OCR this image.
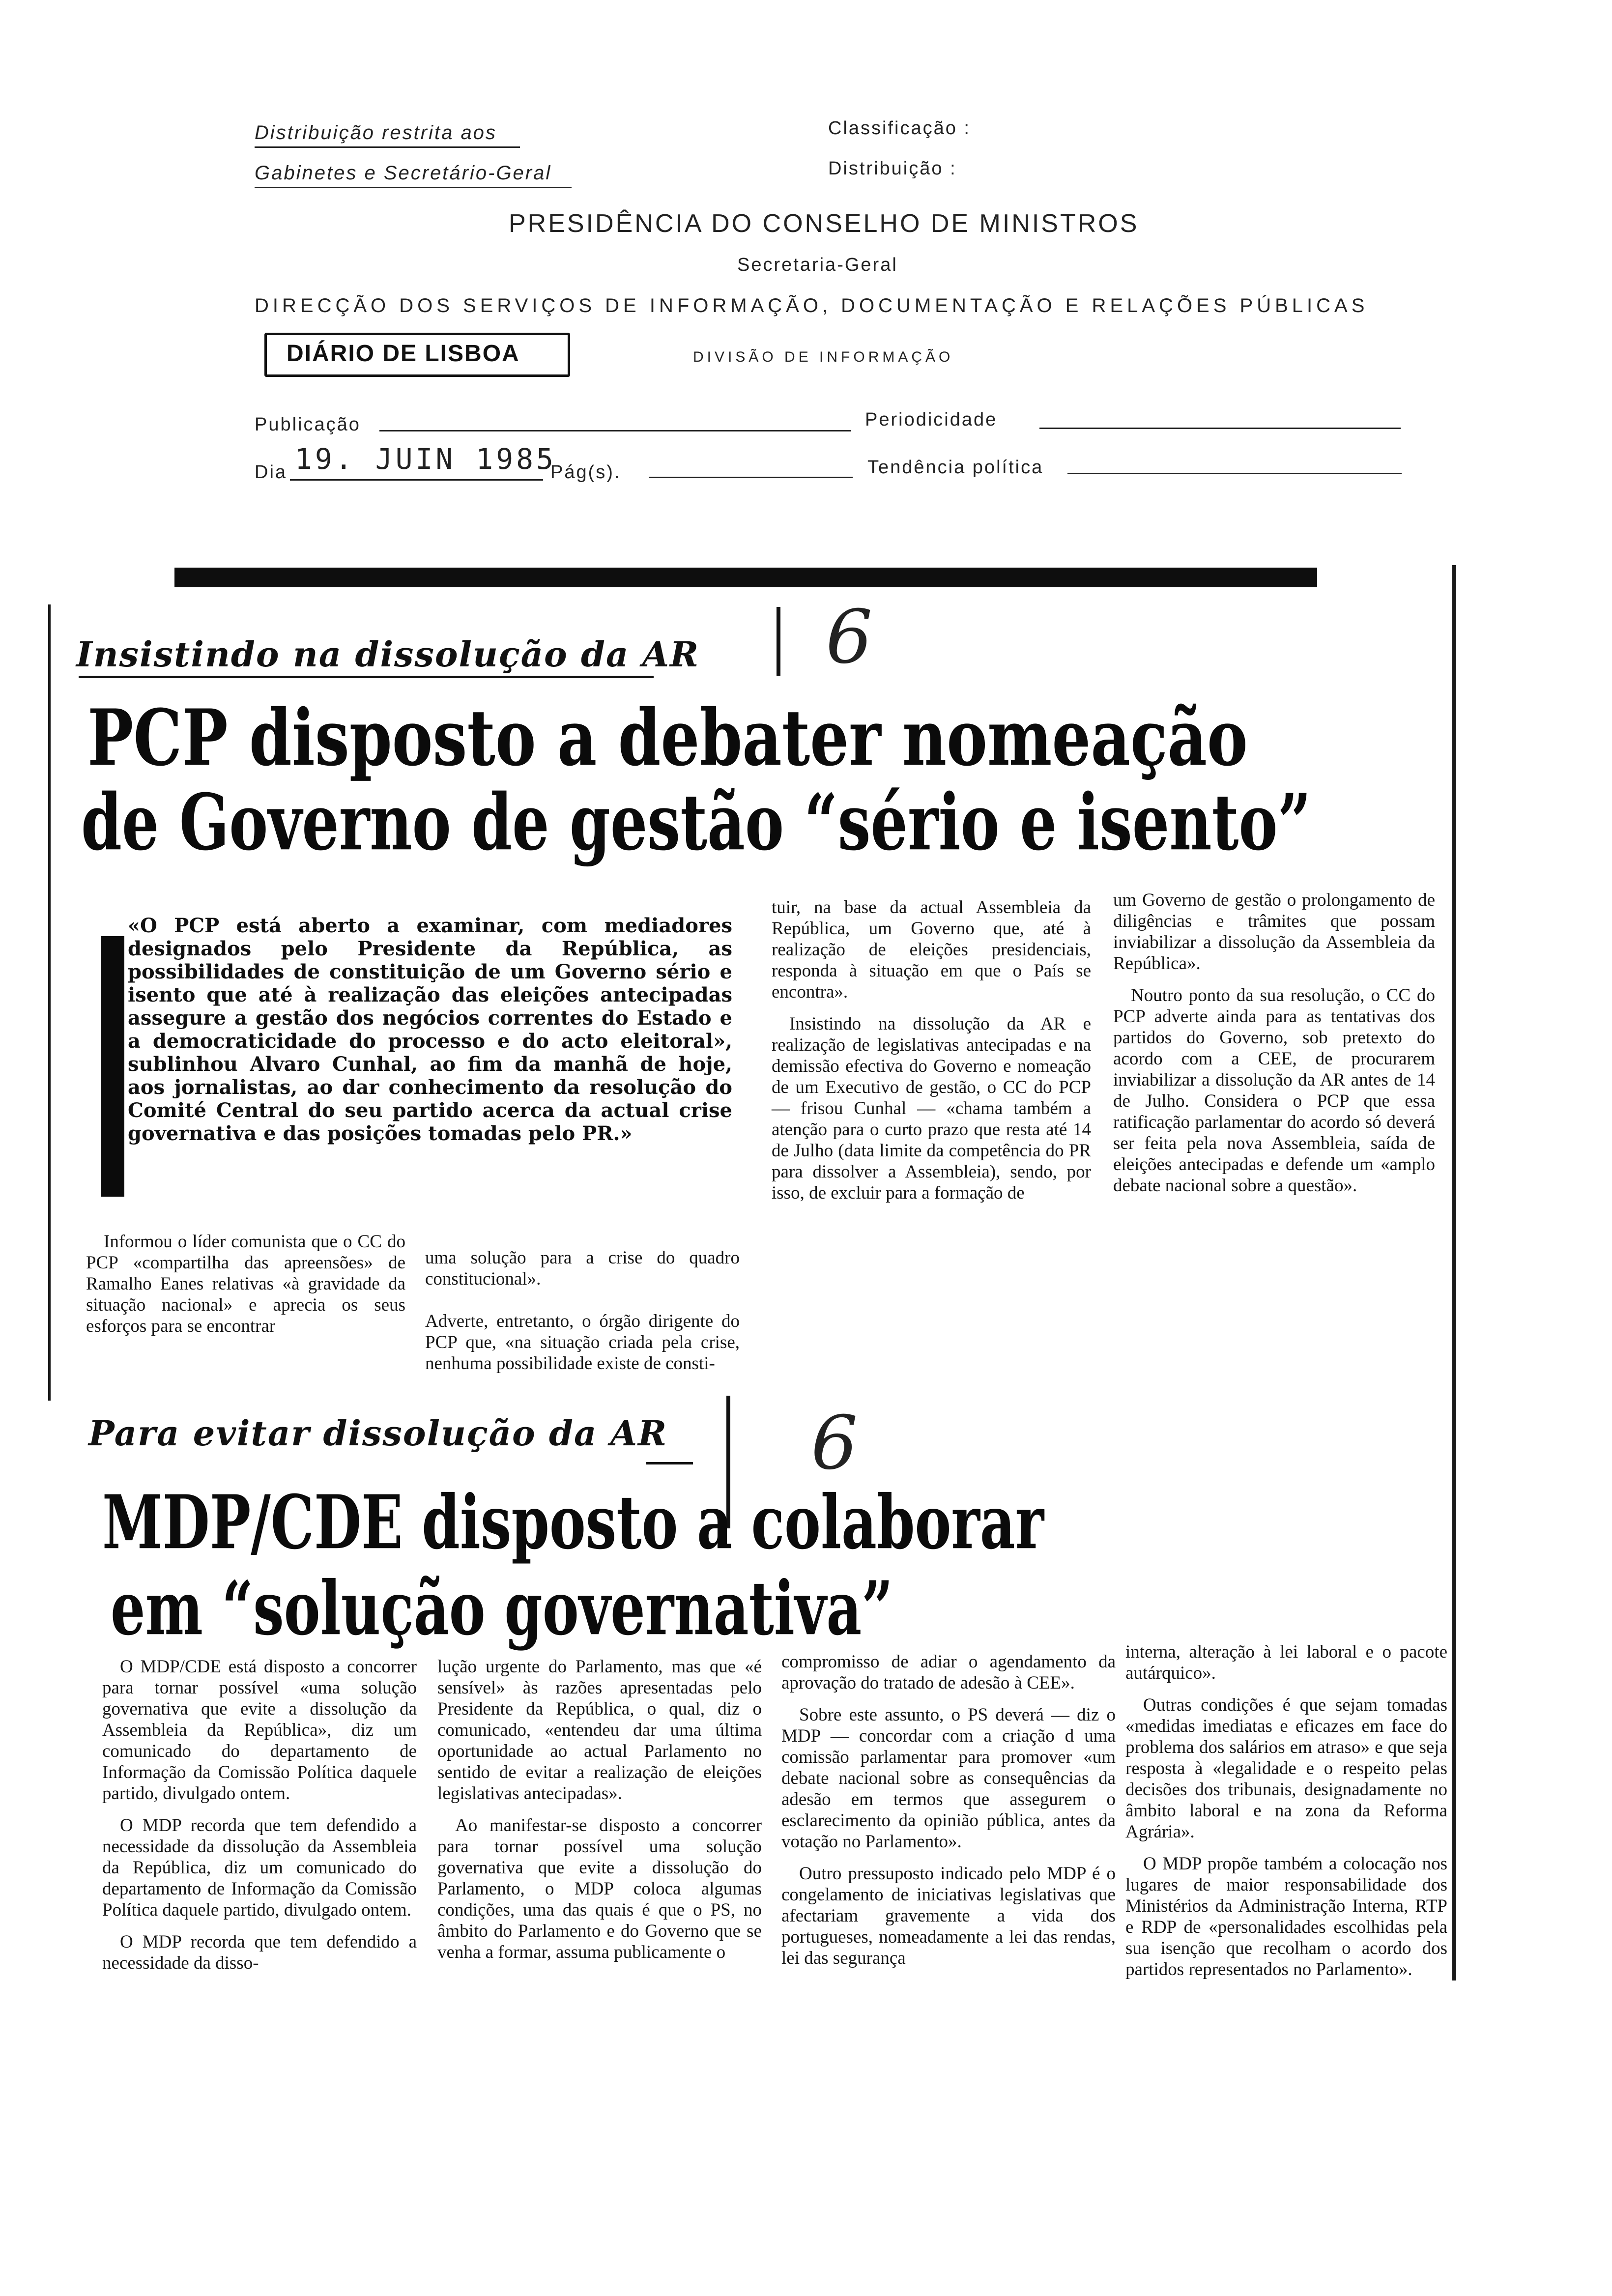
Distribuição restrita aos
Gabinetes e Secretário-Geral
Classificação :
Distribuição :
PRESIDÊNCIA DO CONSELHO DE MINISTROS
Secretaria-Geral
DIRECÇÃO DOS SERVIÇOS DE INFORMAÇÃO, DOCUMENTAÇÃO E RELAÇÕES PÚBLICAS
DIÁRIO DE LISBOA	DIVISÃO DE INFORMAÇÃO
Publicação	Periodicidade
Dia 19. JUIN 1985
Pág(s).	Tendência política
Insistindo na dissolução da AR 6
PCP disposto a debater nomeação
de Governo de gestão “sério e isento”
«O PCP está aberto a examinar, com mediadores designados pelo Presidente da República, as possibilidades de constituição de um Governo sério e isento que até à realização das eleições antecipadas assegure a gestão dos negócios correntes do Estado e a democraticidade do processo e do acto eleitoral», sublinhou Alvaro Cunhal, ao fim da manhã de hoje, aos jornalistas, ao dar conhecimento da resolução do Comité Central do seu partido acerca da actual crise governativa e das posições tomadas pelo PR.»

Informou o líder comunista que o CC do PCP «compartilha das apreensões» de Ramalho Eanes relativas «à gravidade da situação nacional» e aprecia os seus esforços para se encontrar

uma solução para a crise do quadro constitucional».

Adverte, entretanto, o órgão dirigente do PCP que, «na situação criada pela crise, nenhuma possibilidade existe de consti-

tuir, na base da actual Assembleia da República, um Governo que, até à realização de eleições presidenciais, responda à situação em que o País se encontra».

Insistindo na dissolução da AR e realização de legislativas antecipadas e na demissão efectiva do Governo e nomeação de um Executivo de gestão, o CC do PCP — frisou Cunhal — «chama também a atenção para o curto prazo que resta até 14 de Julho (data limite da competência do PR para dissolver a Assembleia), sendo, por isso, de excluir para a formação de

um Governo de gestão o prolongamento de diligências e trâmites que possam inviabilizar a dissolução da Assembleia da República».

Noutro ponto da sua resolução, o CC do PCP adverte ainda para as tentativas dos partidos do Governo, sob pretexto do acordo com a CEE, de procurarem inviabilizar a dissolução da AR antes de 14 de Julho. Considera o PCP que essa ratificação parlamentar do acordo só deverá ser feita pela nova Assembleia, saída de eleições antecipadas e defende um «amplo debate nacional sobre a questão».

Para evitar dissolução da AR 6
MDP/CDE disposto a colaborar
em “solução governativa”

O MDP/CDE está disposto a concorrer para tornar possível «uma solução governativa que evite a dissolução da Assembleia da República», diz um comunicado do departamento de Informação da Comissão Política daquele partido, divulgado ontem.

O MDP recorda que tem defendido a necessidade da dissolução da Assembleia da República, diz um comunicado do departamento de Informação da Comissão Política daquele partido, divulgado ontem.

O MDP recorda que tem defendido a necessidade da disso-

lução urgente do Parlamento, mas que «é sensível» às razões apresentadas pelo Presidente da República, o qual, diz o comunicado, «entendeu dar uma última oportunidade ao actual Parlamento no sentido de evitar a realização de eleições legislativas antecipadas».

Ao manifestar-se disposto a concorrer para tornar possível uma solução governativa que evite a dissolução do Parlamento, o MDP coloca algumas condições, uma das quais é que o PS, no âmbito do Parlamento e do Governo que se venha a formar, assuma publicamente o

compromisso de adiar o agendamento da aprovação do tratado de adesão à CEE».

Sobre este assunto, o PS deverá — diz o MDP — concordar com a criação d uma comissão parlamentar para promover «um debate nacional sobre as consequências da adesão em termos que assegurem o esclarecimento da opinião pública, antes da votação no Parlamento».

Outro pressuposto indicado pelo MDP é o congelamento de iniciativas legislativas que afectariam gravemente a vida dos portugueses, nomeadamente a lei das rendas, lei das segurança

interna, alteração à lei laboral e o pacote autárquico».

Outras condições é que sejam tomadas «medidas imediatas e eficazes em face do problema dos salários em atraso» e que seja resposta à «legalidade e o respeito pelas decisões dos tribunais, designadamente no âmbito laboral e na zona da Reforma Agrária».

O MDP propõe também a colocação nos lugares de maior responsabilidade dos Ministérios da Administração Interna, RTP e RDP de «personalidades escolhidas pela sua isenção que recolham o acordo dos partidos representados no Parlamento».
